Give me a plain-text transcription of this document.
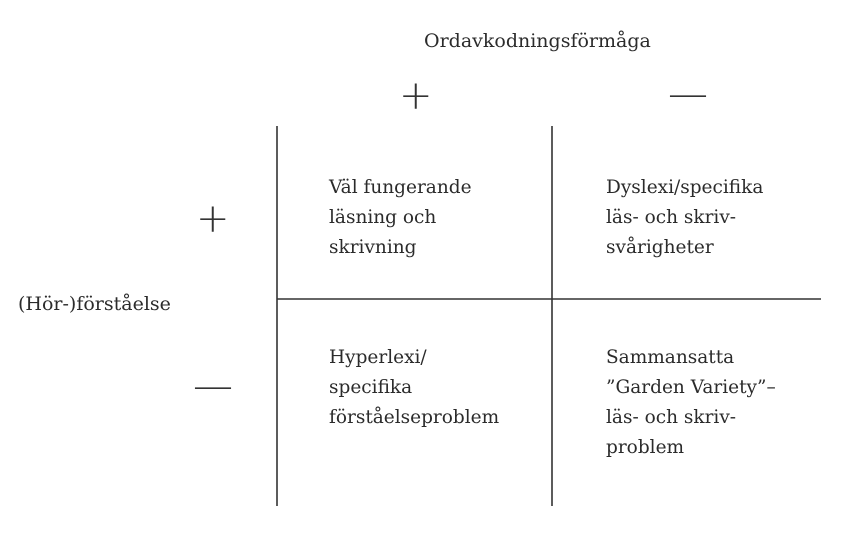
Ordavkodningsförmåga
+	—
(Hör-)förståelse
+
—
Väl fungerande
läsning och
skrivning
Dyslexi/specifika
läs- och skriv-
svårigheter
Hyperlexi/
specifika
förståelseproblem
Sammansatta
”Garden Variety”–
läs- och skriv-
problem
